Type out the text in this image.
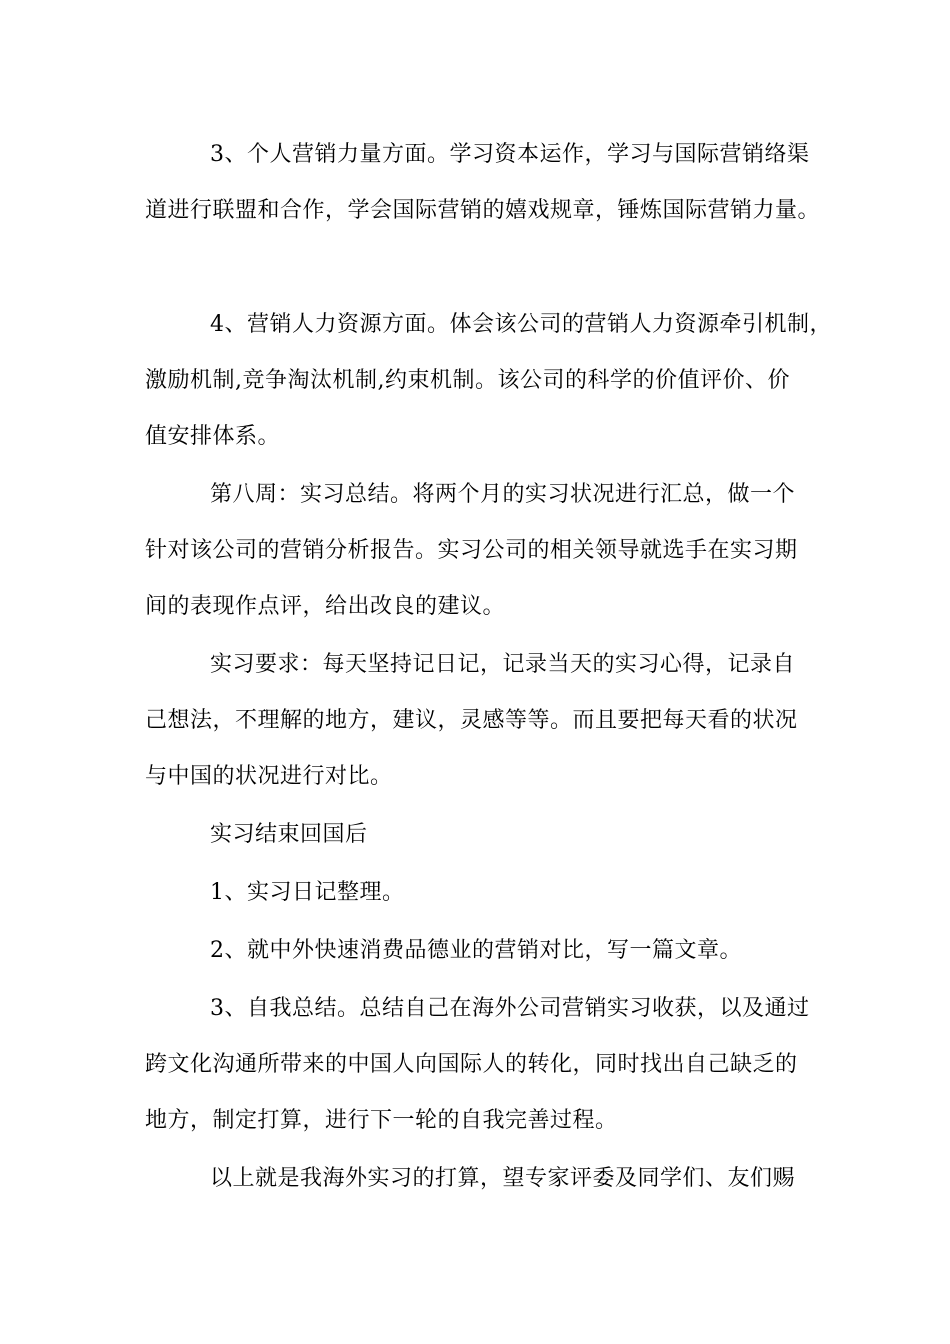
3、个人营销力量方面。学习资本运作，学习与国际营销络渠
道进行联盟和合作，学会国际营销的嬉戏规章，锤炼国际营销力量。
4、营销人力资源方面。体会该公司的营销人力资源牵引机制，
激励机制,竞争淘汰机制,约束机制。该公司的科学的价值评价、价
值安排体系。
第八周：实习总结。将两个月的实习状况进行汇总，做一个
针对该公司的营销分析报告。实习公司的相关领导就选手在实习期
间的表现作点评，给出改良的建议。
实习要求：每天坚持记日记，记录当天的实习心得，记录自
己想法，不理解的地方，建议，灵感等等。而且要把每天看的状况
与中国的状况进行对比。
实习结束回国后
1、实习日记整理。
2、就中外快速消费品德业的营销对比，写一篇文章。
3、自我总结。总结自己在海外公司营销实习收获，以及通过
跨文化沟通所带来的中国人向国际人的转化，同时找出自己缺乏的
地方，制定打算，进行下一轮的自我完善过程。
以上就是我海外实习的打算，望专家评委及同学们、友们赐
